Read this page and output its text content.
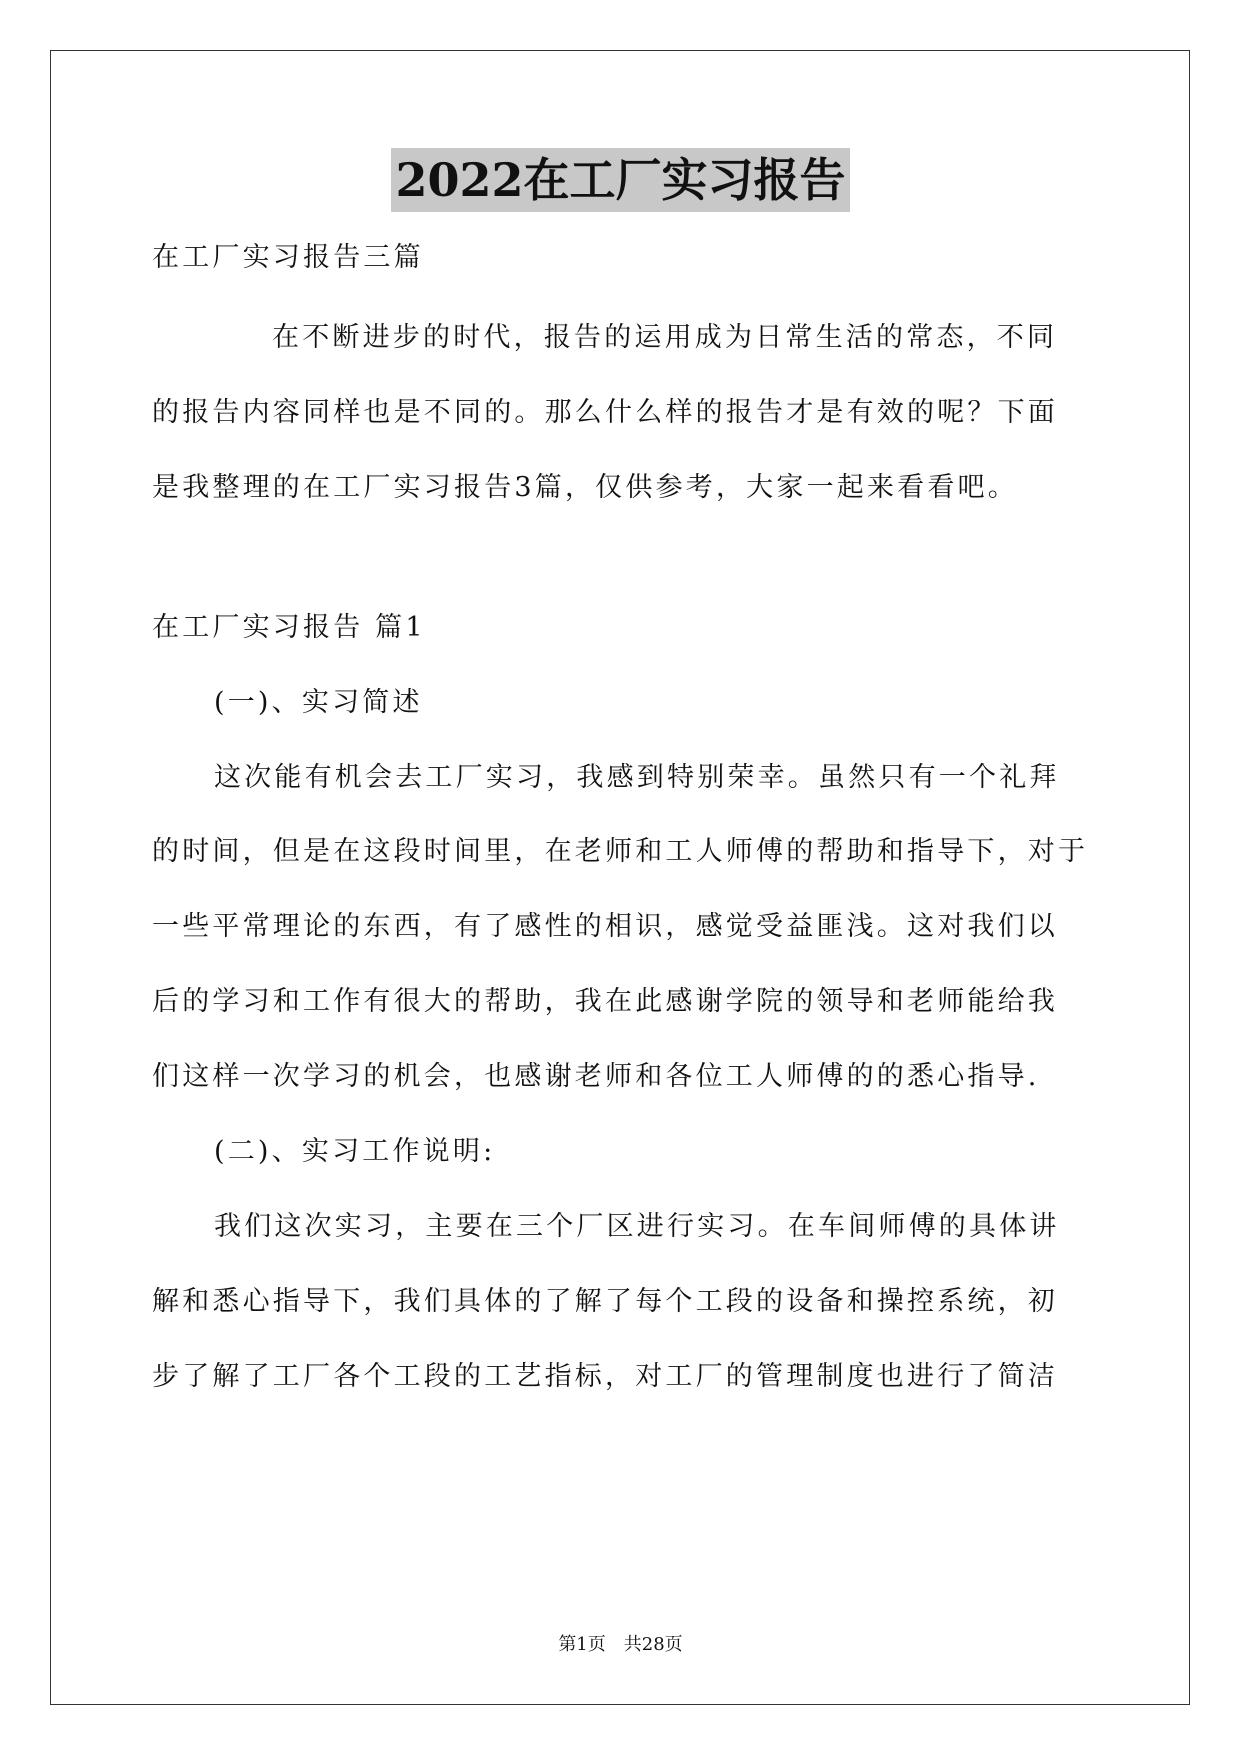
2022在工厂实习报告
在工厂实习报告三篇
在不断进步的时代，报告的运用成为日常生活的常态，不同
的报告内容同样也是不同的。那么什么样的报告才是有效的呢？下面
是我整理的在工厂实习报告3篇，仅供参考，大家一起来看看吧。
在工厂实习报告 篇1
(一)、实习简述
这次能有机会去工厂实习，我感到特别荣幸。虽然只有一个礼拜
的时间，但是在这段时间里，在老师和工人师傅的帮助和指导下，对于
一些平常理论的东西，有了感性的相识，感觉受益匪浅。这对我们以
后的学习和工作有很大的帮助，我在此感谢学院的领导和老师能给我
们这样一次学习的机会，也感谢老师和各位工人师傅的的悉心指导.
(二)、实习工作说明:
我们这次实习，主要在三个厂区进行实习。在车间师傅的具体讲
解和悉心指导下，我们具体的了解了每个工段的设备和操控系统，初
步了解了工厂各个工段的工艺指标，对工厂的管理制度也进行了简洁
第1页　共28页
